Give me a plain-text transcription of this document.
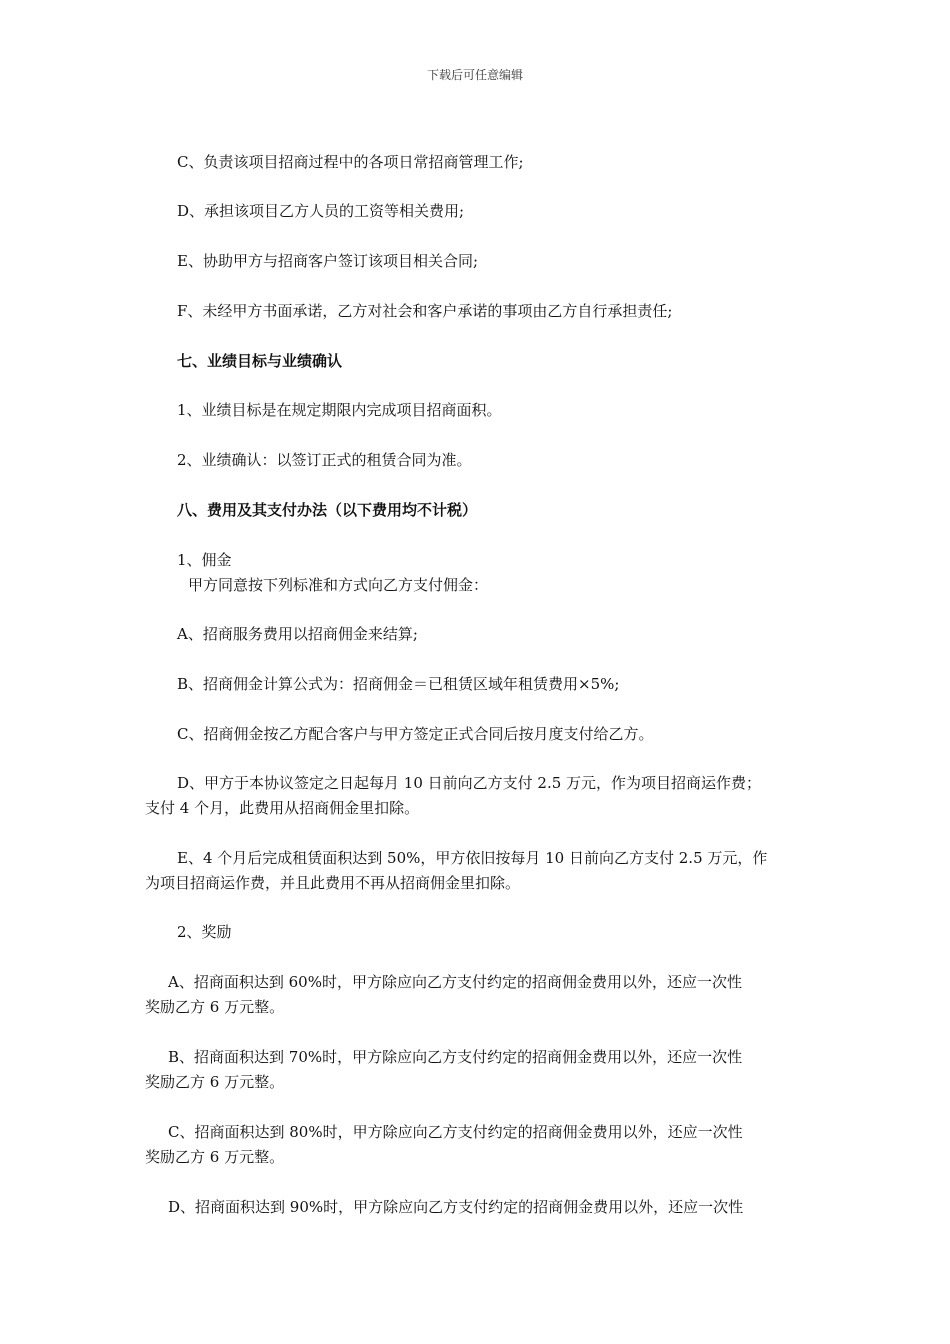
下载后可任意编辑
C、负责该项目招商过程中的各项日常招商管理工作;
D、承担该项目乙方人员的工资等相关费用;
E、协助甲方与招商客户签订该项目相关合同;
F、未经甲方书面承诺，乙方对社会和客户承诺的事项由乙方自行承担责任;
七、业绩目标与业绩确认
1、业绩目标是在规定期限内完成项目招商面积。
2、业绩确认：以签订正式的租赁合同为准。
八、费用及其支付办法（以下费用均不计税）
1、佣金
甲方同意按下列标准和方式向乙方支付佣金：
A、招商服务费用以招商佣金来结算;
B、招商佣金计算公式为：招商佣金＝已租赁区域年租赁费用×5%;
C、招商佣金按乙方配合客户与甲方签定正式合同后按月度支付给乙方。
D、甲方于本协议签定之日起每月 10 日前向乙方支付 2.5 万元，作为项目招商运作费；
支付 4 个月，此费用从招商佣金里扣除。
E、4 个月后完成租赁面积达到 50%，甲方依旧按每月 10 日前向乙方支付 2.5 万元，作
为项目招商运作费，并且此费用不再从招商佣金里扣除。
2、奖励
A、招商面积达到 60%时，甲方除应向乙方支付约定的招商佣金费用以外，还应一次性
奖励乙方 6 万元整。
B、招商面积达到 70%时，甲方除应向乙方支付约定的招商佣金费用以外，还应一次性
奖励乙方 6 万元整。
C、招商面积达到 80%时，甲方除应向乙方支付约定的招商佣金费用以外，还应一次性
奖励乙方 6 万元整。
D、招商面积达到 90%时，甲方除应向乙方支付约定的招商佣金费用以外，还应一次性
